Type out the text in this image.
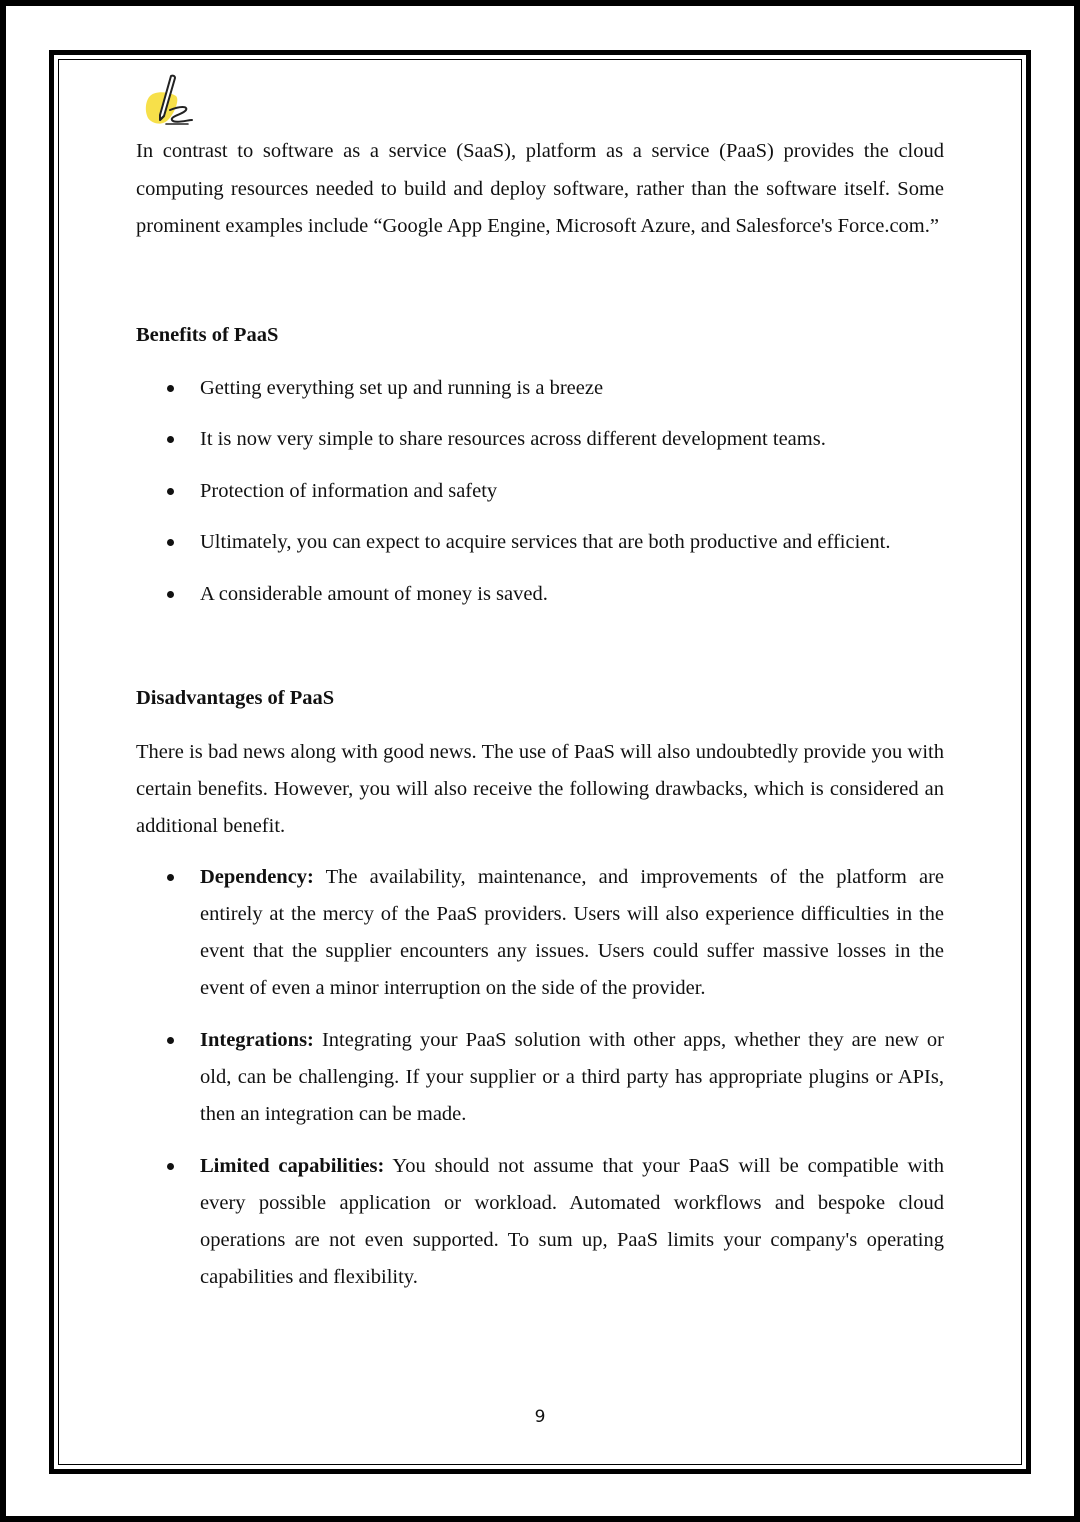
In contrast to software as a service (SaaS), platform as a service (PaaS) provides the cloud computing resources needed to build and deploy software, rather than the software itself. Some prominent examples include “Google App Engine, Microsoft Azure, and Salesforce's Force.com.”

Benefits of PaaS
Getting everything set up and running is a breeze
It is now very simple to share resources across different development teams.
Protection of information and safety
Ultimately, you can expect to acquire services that are both productive and efficient.
A considerable amount of money is saved.
Disadvantages of PaaS

There is bad news along with good news. The use of PaaS will also undoubtedly provide you with certain benefits. However, you will also receive the following drawbacks, which is considered an additional benefit.

Dependency: The availability, maintenance, and improvements of the platform are entirely at the mercy of the PaaS providers. Users will also experience difficulties in the event that the supplier encounters any issues. Users could suffer massive losses in the event of even a minor interruption on the side of the provider.
Integrations: Integrating your PaaS solution with other apps, whether they are new or old, can be challenging. If your supplier or a third party has appropriate plugins or APIs, then an integration can be made.
Limited capabilities: You should not assume that your PaaS will be compatible with every possible application or workload. Automated workflows and bespoke cloud operations are not even supported. To sum up, PaaS limits your company's operating capabilities and flexibility.
9
